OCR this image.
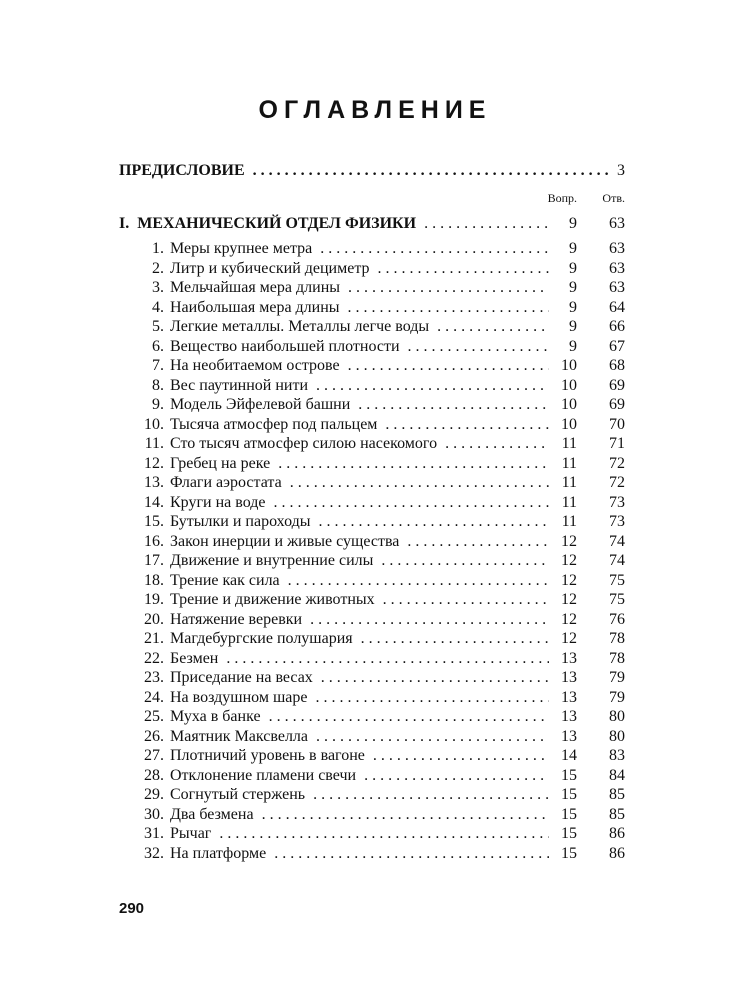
ОГЛАВЛЕНИЕ
ПРЕДИСЛОВИЕ . . .	3
Вопр.	Отв.
I. МЕХАНИЧЕСКИЙ ОТДЕЛ ФИЗИКИ . . .	9	63
1. Меры крупнее метра . . .	9	63
2. Литр и кубический дециметр . . .	9	63
3. Мельчайшая мера длины . . .	9	63
4. Наибольшая мера длины . . .	9	64
5. Легкие металлы. Металлы легче воды . . .	9	66
6. Вещество наибольшей плотности . . .	9	67
7. На необитаемом острове . . .	10	68
8. Вес паутинной нити . . .	10	69
9. Модель Эйфелевой башни . . .	10	69
10. Тысяча атмосфер под пальцем . . .	10	70
11. Сто тысяч атмосфер силою насекомого . . .	11	71
12. Гребец на реке . . .	11	72
13. Флаги аэростата . . .	11	72
14. Круги на воде . . .	11	73
15. Бутылки и пароходы . . .	11	73
16. Закон инерции и живые существа . . .	12	74
17. Движение и внутренние силы . . .	12	74
18. Трение как сила . . .	12	75
19. Трение и движение животных . . .	12	75
20. Натяжение веревки . . .	12	76
21. Магдебургские полушария . . .	12	78
22. Безмен . . .	13	78
23. Приседание на весах . . .	13	79
24. На воздушном шаре . . .	13	79
25. Муха в банке . . .	13	80
26. Маятник Максвелла . . .	13	80
27. Плотничий уровень в вагоне . . .	14	83
28. Отклонение пламени свечи . . .	15	84
29. Согнутый стержень . . .	15	85
30. Два безмена . . .	15	85
31. Рычаг . . .	15	86
32. На платформе . . .	15	86
290
